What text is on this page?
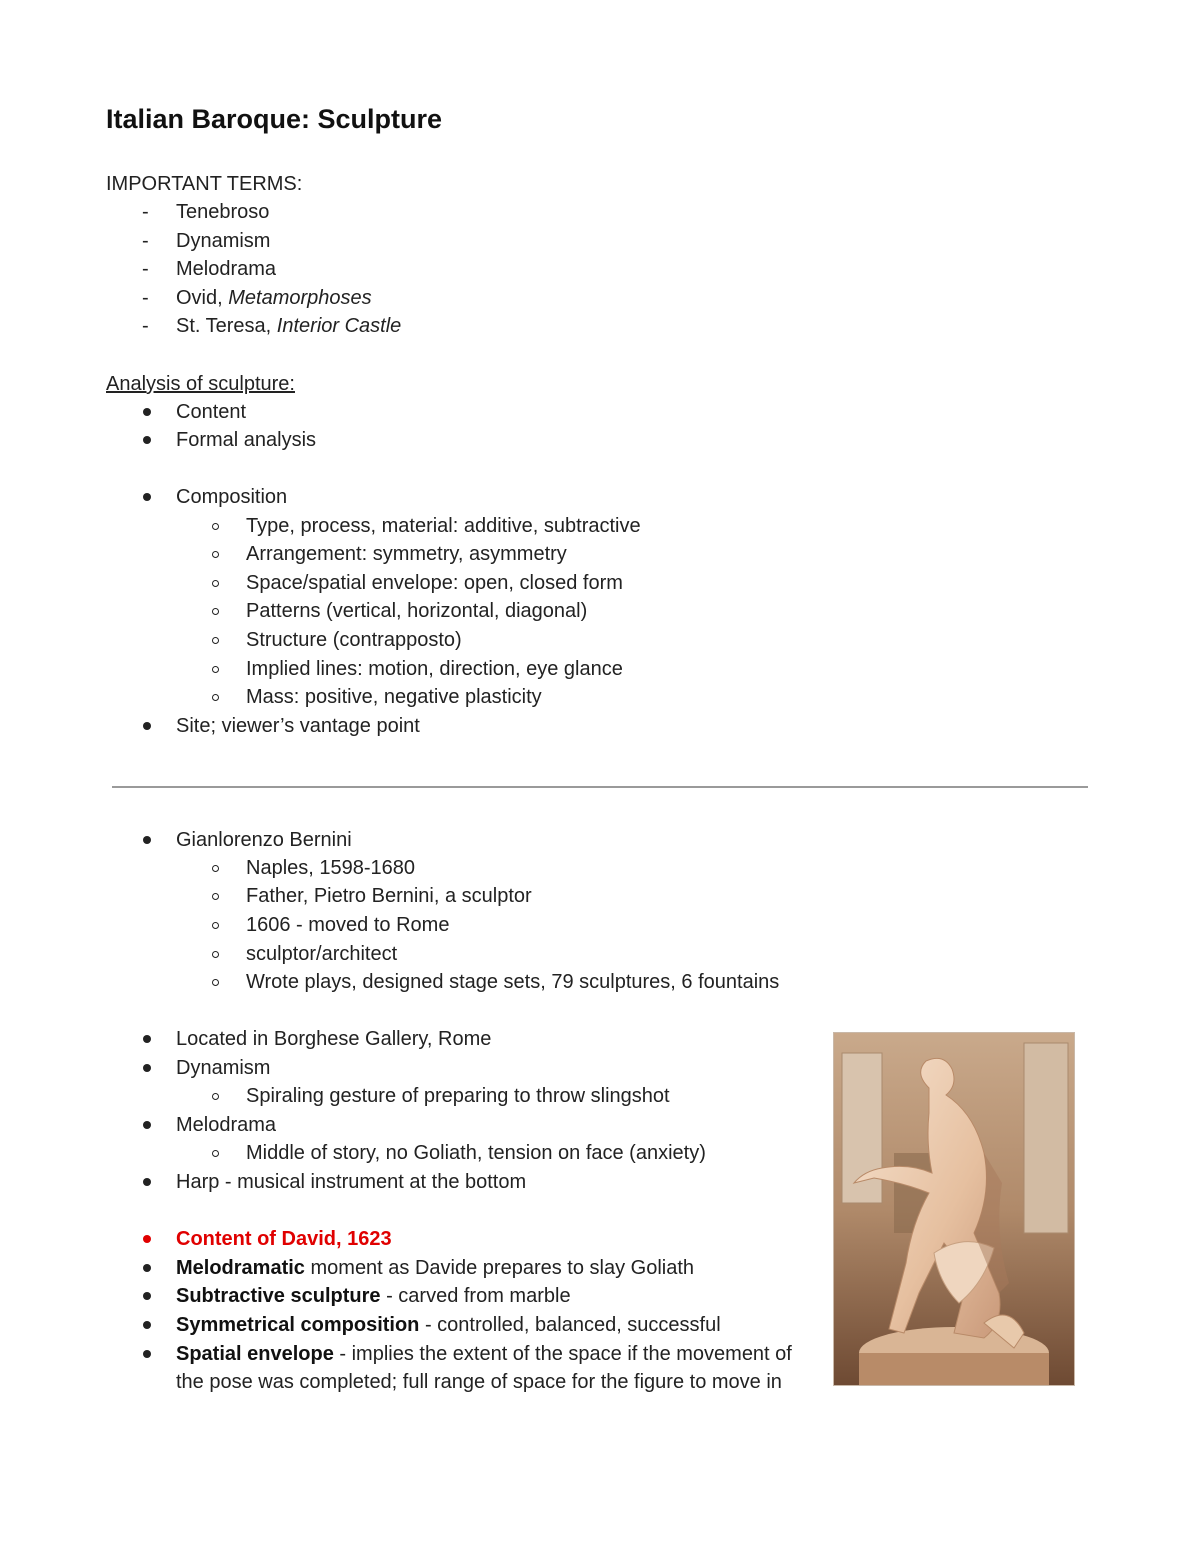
Italian Baroque: Sculpture
IMPORTANT TERMS:
- Tenebroso
- Dynamism
- Melodrama
- Ovid, Metamorphoses
- St. Teresa, Interior Castle
Analysis of sculpture:
Content
Formal analysis
Composition
Type, process, material: additive, subtractive
Arrangement: symmetry, asymmetry
Space/spatial envelope: open, closed form
Patterns (vertical, horizontal, diagonal)
Structure (contrapposto)
Implied lines: motion, direction, eye glance
Mass: positive, negative plasticity
Site; viewer’s vantage point
Gianlorenzo Bernini
Naples, 1598-1680
Father, Pietro Bernini, a sculptor
1606 - moved to Rome
sculptor/architect
Wrote plays, designed stage sets, 79 sculptures, 6 fountains
Located in Borghese Gallery, Rome
Dynamism
Spiraling gesture of preparing to throw slingshot
Melodrama
Middle of story, no Goliath, tension on face (anxiety)
Harp - musical instrument at the bottom
Content of David, 1623
Melodramatic moment as Davide prepares to slay Goliath
Subtractive sculpture - carved from marble
Symmetrical composition - controlled, balanced, successful
Spatial envelope - implies the extent of the space if the movement of the pose was completed; full range of space for the figure to move in
